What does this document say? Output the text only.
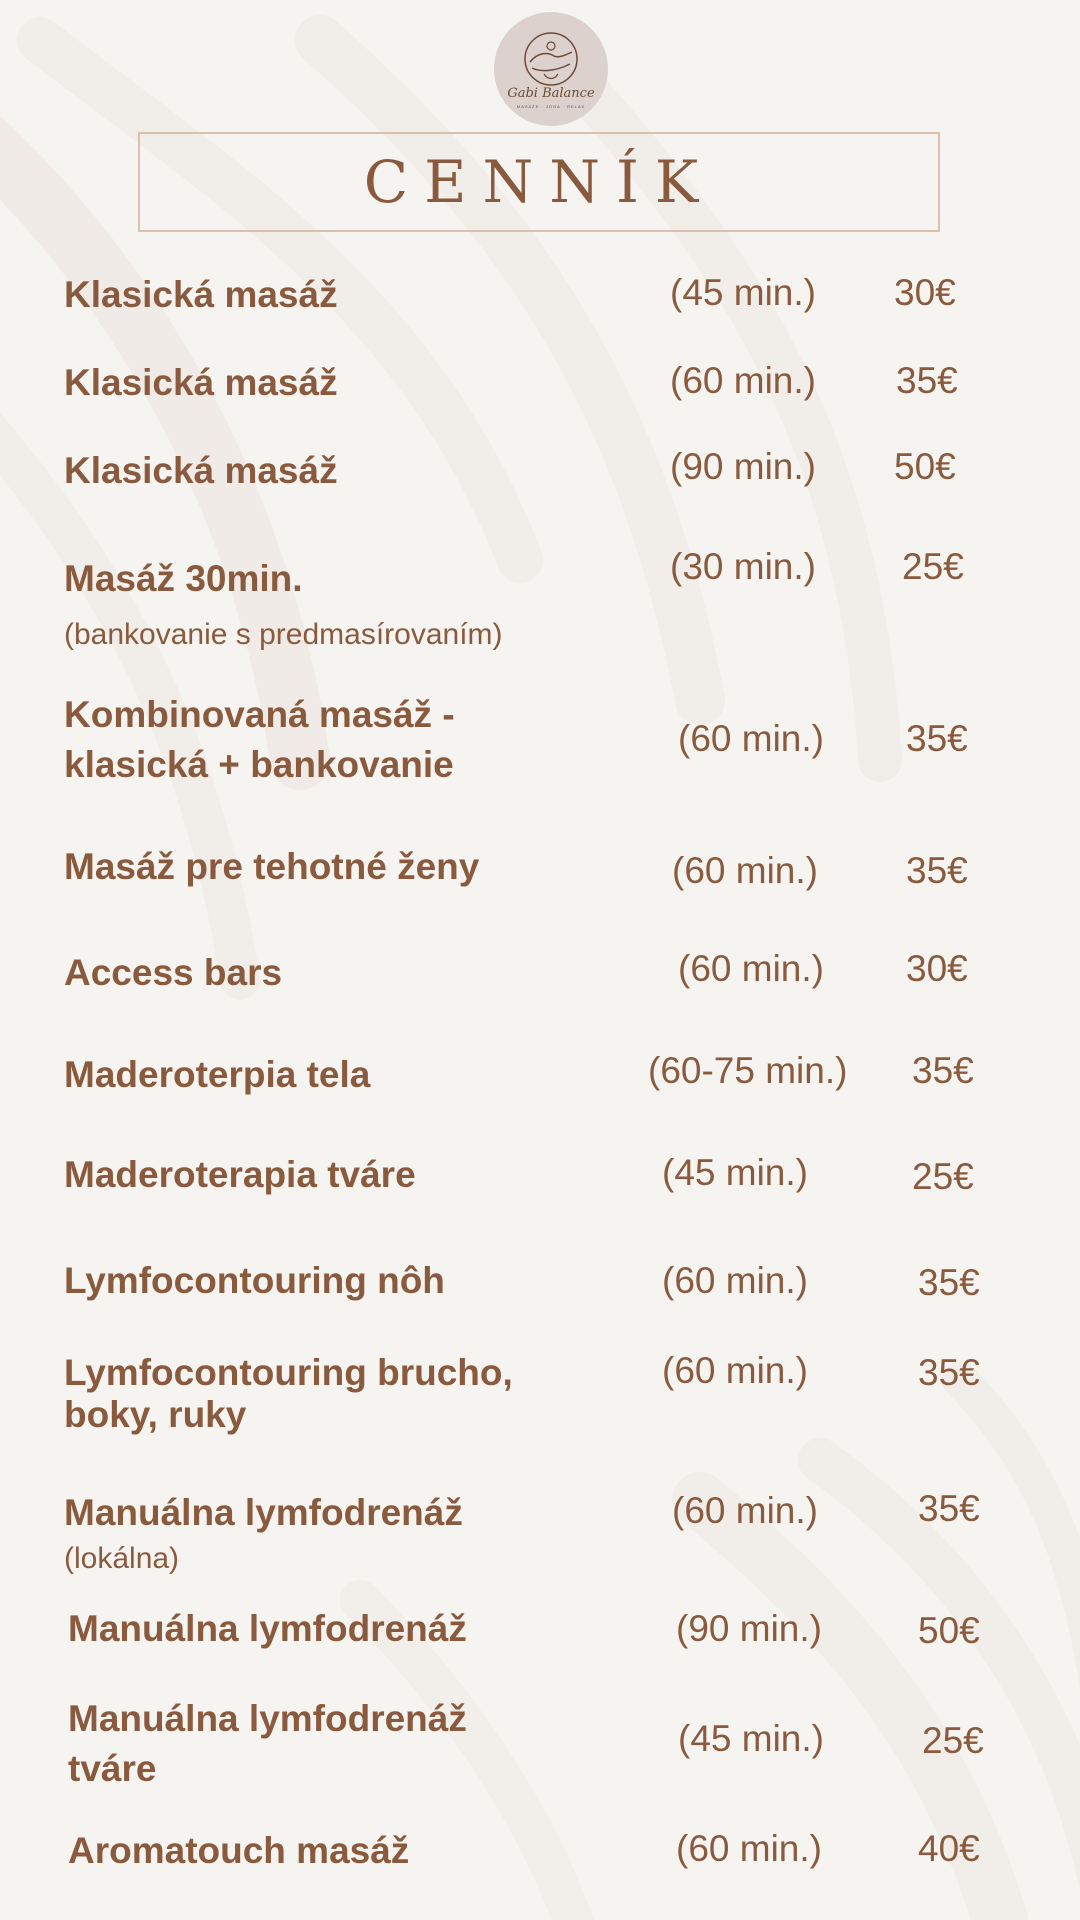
Gabi Balance
MASÁŽE · JÓGA · RELAX
CENNÍK
Klasická masáž	(45 min.) 30€
Klasická masáž	(60 min.) 35€
Klasická masáž	(90 min.) 50€
Masáž 30min.
(bankovanie s predmasírovaním)
(30 min.) 25€
Kombinovaná masáž -
klasická + bankovanie
(60 min.) 35€
Masáž pre tehotné ženy	(60 min.) 35€
Access bars	(60 min.) 30€
Maderoterpia tela	(60-75 min.) 35€
Maderoterapia tváre	(45 min.)	25€
Lymfocontouring nôh	(60 min.)	35€
Lymfocontouring brucho,
boky, ruky
(60 min.)	35€
Manuálna lymfodrenáž
(lokálna)
(60 min.)	35€
Manuálna lymfodrenáž	(90 min.)	50€
Manuálna lymfodrenáž
tváre
(45 min.)	25€
Aromatouch masáž	(60 min.)	40€
